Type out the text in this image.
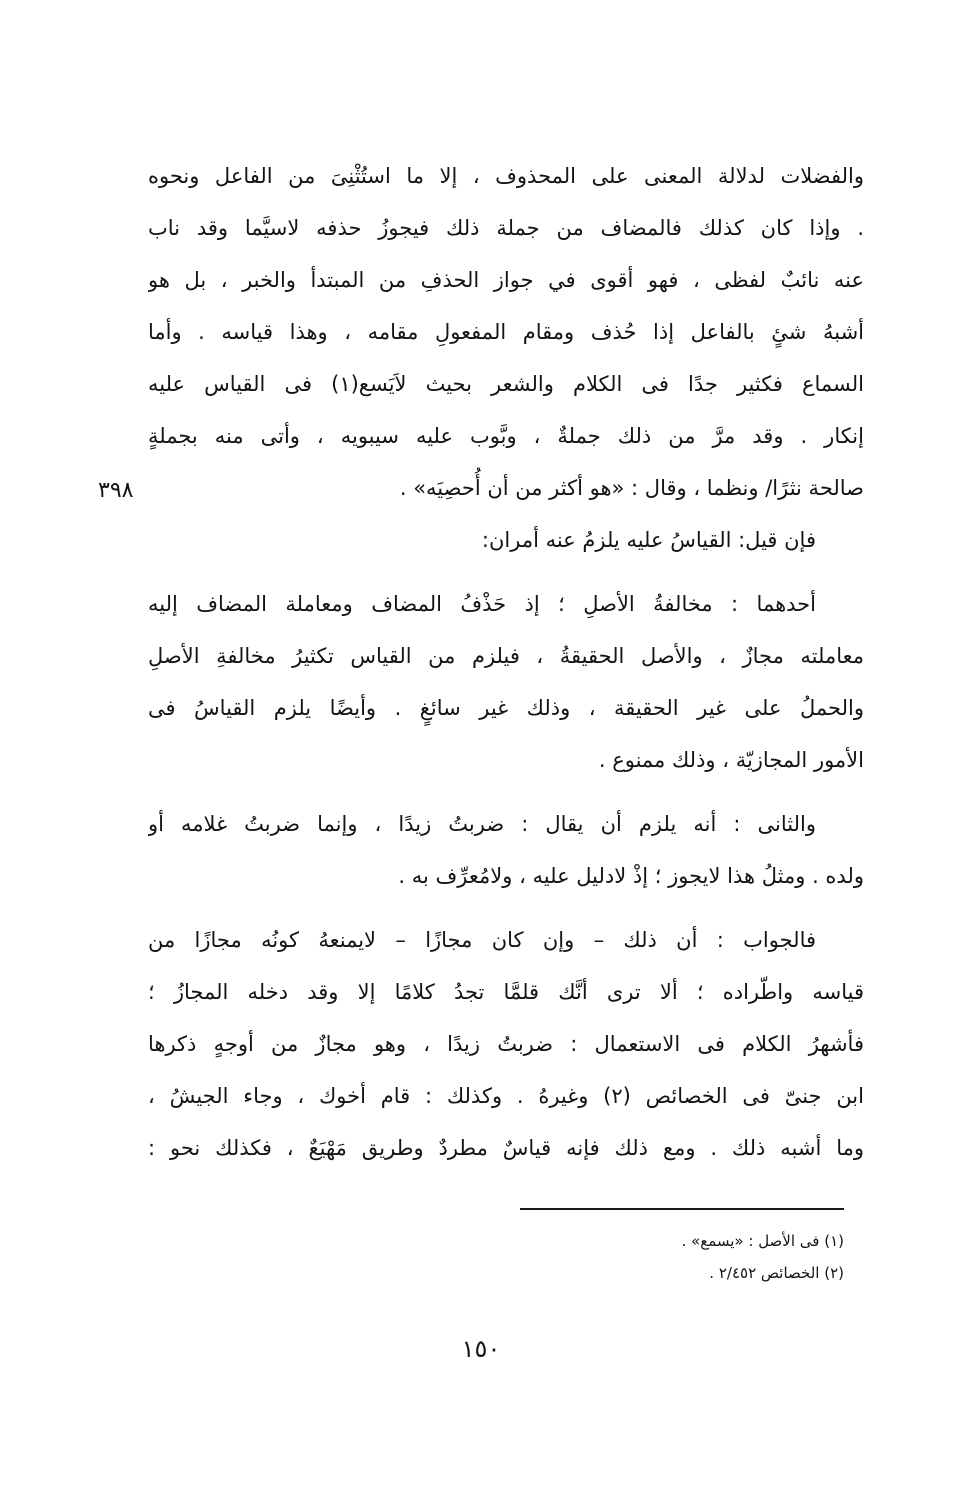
والفضلات لدلالة المعنى على المحذوف ، إلا ما استُثْنِىَ من الفاعل ونحوه
. وإذا كان كذلك فالمضاف من جملة ذلك فيجوزُ حذفه لاسيَّما وقد ناب
عنه نائبٌ لفظى ، فهو أقوى في جواز الحذفِ من المبتدأ والخبر ، بل هو
أشبهُ شئٍ بالفاعل إذا حُذف ومقام المفعولِ مقامه ، وهذا قياسه . وأما
السماع فكثير جدًا فى الكلام والشعر بحيث لاَيَسع(١) فى القياس عليه
إنكار . وقد مرَّ من ذلك جملةٌ ، وبَّوب عليه سيبويه ، وأتى منه بجملةٍ
صالحة نثرًا/ ونظما ، وقال : «هو أكثر من أن أُحصِيَه» .
فإن قيل: القياسُ عليه يلزمُ عنه أمران:
أحدهما : مخالفةُ الأصلِ ؛ إذ حَذْفُ المضاف ومعاملة المضاف إليه
معاملته مجازٌ ، والأصل الحقيقةُ ، فيلزم من القياس تكثيرُ مخالفةِ الأصلِ
والحملُ على غير الحقيقة ، وذلك غير سائغٍ . وأيضًا يلزم القياسُ فى
الأمور المجازيّة ، وذلك ممنوع .
والثانى : أنه يلزم أن يقال : ضربتُ زيدًا ، وإنما ضربتُ غلامه أو
ولده . ومثلُ هذا لايجوز ؛ إذْ لادليل عليه ، ولامُعرِّف به .
فالجواب : أن ذلك – وإن كان مجازًا – لايمنعهُ كونُه مجازًا من
قياسه واطّراده ؛ ألا ترى أنَّك قلمَّا تجدُ كلامًا إلا وقد دخله المجازُ ؛
فأشهرُ الكلام فى الاستعمال : ضربتُ زيدًا ، وهو مجازٌ من أوجهٍ ذكرها
ابن جنىّ فى الخصائص (٢) وغيرهُ . وكذلك : قام أخوك ، وجاء الجيشُ ،
وما أشبه ذلك . ومع ذلك فإنه قياسٌ مطردٌ وطريق مَهْيَعٌ ، فكذلك نحو :
٣٩٨
(١) فى الأصل : «يسمع» .
(٢) الخصائص ٢/٤٥٢ .
١٥٠
